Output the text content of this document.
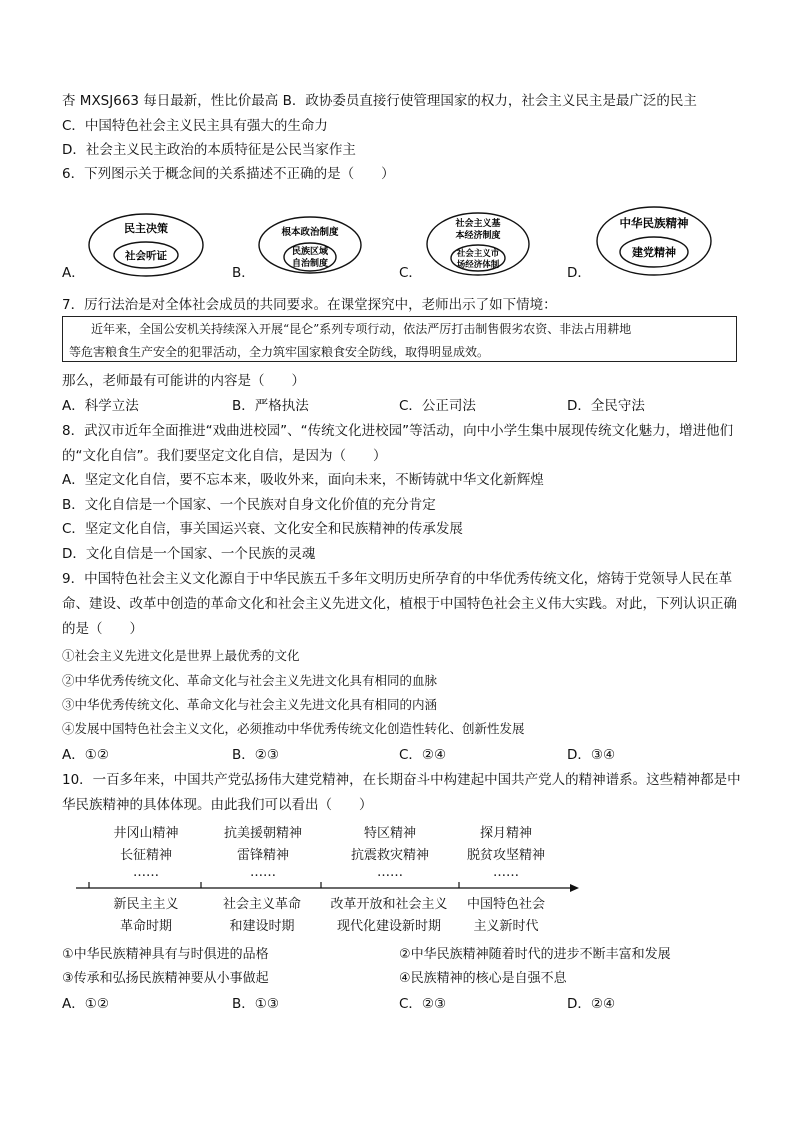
杏 MXSJ663 每日最新，性比价最高 B．政协委员直接行使管理国家的权力，社会主义民主是最广泛的民主
C．中国特色社会主义民主具有强大的生命力
D．社会主义民主政治的本质特征是公民当家作主
6．下列图示关于概念间的关系描述不正确的是（　　）
A．	B．	C．	D．
民主决策
社会听证
根本政治制度
民族区域
自治制度
社会主义基
本经济制度
社会主义市
场经济体制
中华民族精神
建党精神
7．厉行法治是对全体社会成员的共同要求。在课堂探究中，老师出示了如下情境：
近年来，全国公安机关持续深入开展“昆仑”系列专项行动，依法严厉打击制售假劣农资、非法占用耕地
等危害粮食生产安全的犯罪活动，全力筑牢国家粮食安全防线，取得明显成效。
那么，老师最有可能讲的内容是（　　）
A．科学立法	B．严格执法	C．公正司法	D．全民守法
8．武汉市近年全面推进“戏曲进校园”、“传统文化进校园”等活动，向中小学生集中展现传统文化魅力，增进他们的“文化自信”。我们要坚定文化自信，是因为（　　）
A．坚定文化自信，要不忘本来，吸收外来，面向未来，不断铸就中华文化新辉煌
B．文化自信是一个国家、一个民族对自身文化价值的充分肯定
C．坚定文化自信，事关国运兴衰、文化安全和民族精神的传承发展
D．文化自信是一个国家、一个民族的灵魂
9．中国特色社会主义文化源自于中华民族五千多年文明历史所孕育的中华优秀传统文化，熔铸于党领导人民在革命、建设、改革中创造的革命文化和社会主义先进文化，植根于中国特色社会主义伟大实践。对此，下列认识正确的是（　　）
①社会主义先进文化是世界上最优秀的文化
②中华优秀传统文化、革命文化与社会主义先进文化具有相同的血脉
③中华优秀传统文化、革命文化与社会主义先进文化具有相同的内涵
④发展中国特色社会主义文化，必须推动中华优秀传统文化创造性转化、创新性发展
A．①②	B．②③	C．②④	D．③④
10．一百多年来，中国共产党弘扬伟大建党精神，在长期奋斗中构建起中国共产党人的精神谱系。这些精神都是中华民族精神的具体体现。由此我们可以看出（　　）
井冈山精神
长征精神
……
抗美援朝精神
雷锋精神
……
特区精神
抗震救灾精神
……
探月精神
脱贫攻坚精神
……
新民主主义
革命时期
社会主义革命
和建设时期
改革开放和社会主义
现代化建设新时期
中国特色社会
主义新时代
①中华民族精神具有与时俱进的品格	②中华民族精神随着时代的进步不断丰富和发展
③传承和弘扬民族精神要从小事做起	④民族精神的核心是自强不息
A．①②	B．①③	C．②③	D．②④
